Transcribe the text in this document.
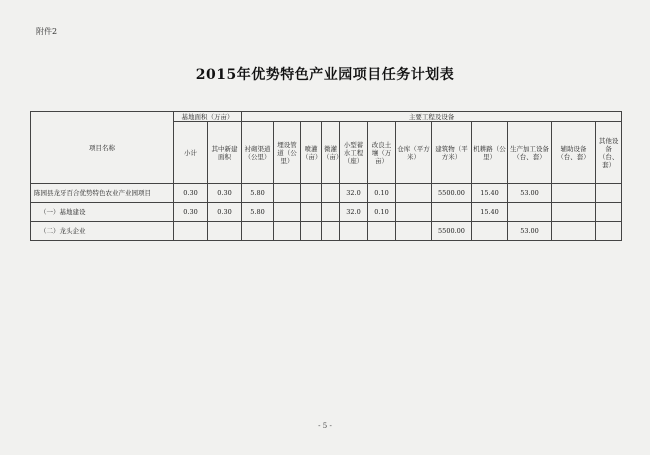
附件2
2015年优势特色产业园项目任务计划表
项目名称	基地面积（万亩）		主要工程及设备											
	小计	其中新建面积	衬砌渠道（公里）	埋设管道（公里）	喷灌（亩）	微灌（亩）	小型蓄水工程（座）	改良土壤（万亩）	仓库（平方米）	建筑物（平方米）	机耕路（公里）	生产加工设备（台、套）	辅助设备（台、套）	其他设备（台、套）
陈园县龙牙百合优势特色农业产业园项目	0.30	0.30	5.80				32.0	0.10		5500.00	15.40	53.00		
（一）基地建设	0.30	0.30	5.80				32.0	0.10			15.40			
（二）龙头企业										5500.00		53.00		
- 5 -
